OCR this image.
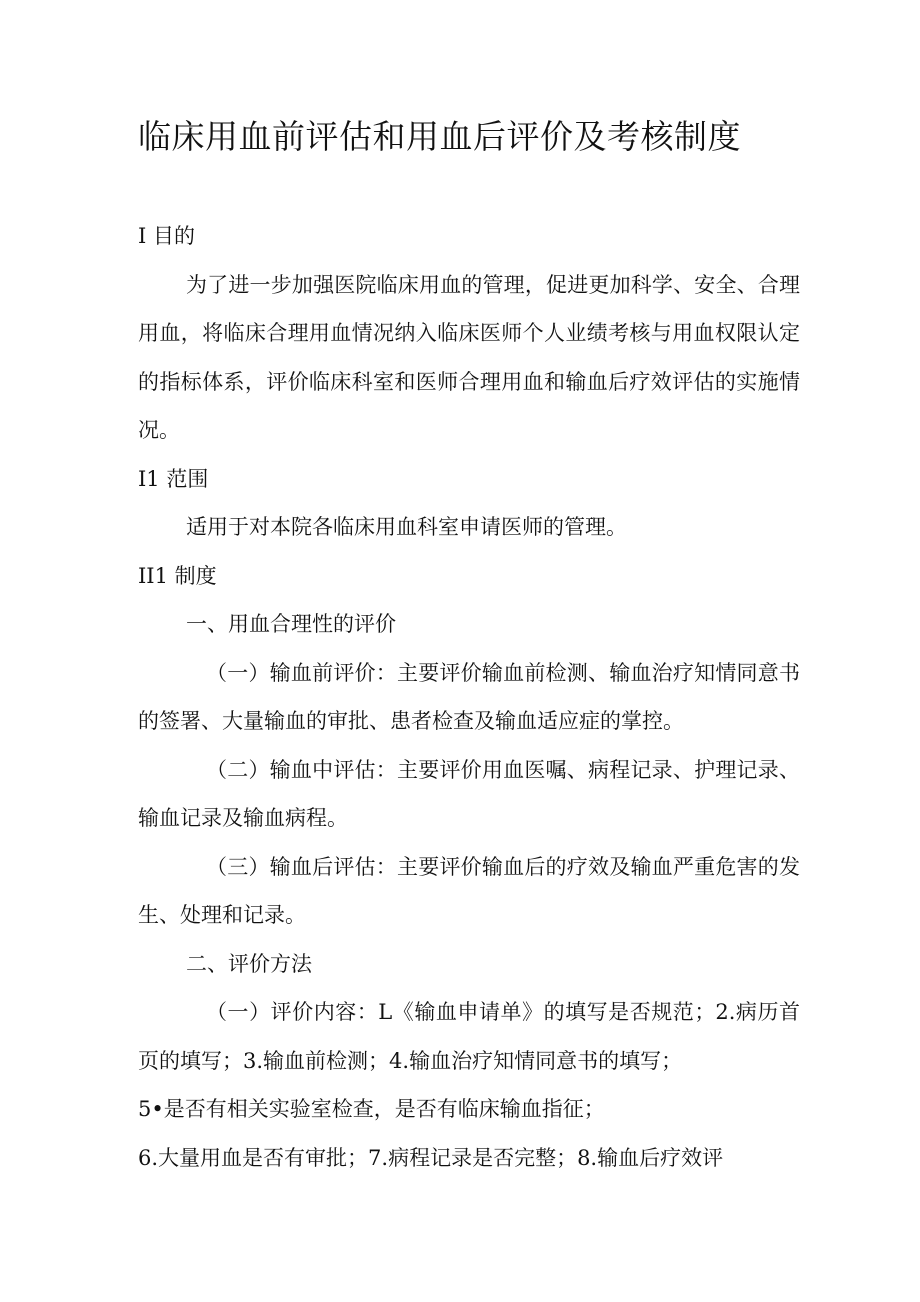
临床用血前评估和用血后评价及考核制度

I 目的

为了进一步加强医院临床用血的管理，促进更加科学、安全、合理用血，将临床合理用血情况纳入临床医师个人业绩考核与用血权限认定的指标体系，评价临床科室和医师合理用血和输血后疗效评估的实施情况。

I1 范围

适用于对本院各临床用血科室申请医师的管理。

II1 制度

一、用血合理性的评价

（一）输血前评价：主要评价输血前检测、输血治疗知情同意书的签署、大量输血的审批、患者检查及输血适应症的掌控。

（二）输血中评估：主要评价用血医嘱、病程记录、护理记录、输血记录及输血病程。

（三）输血后评估：主要评价输血后的疗效及输血严重危害的发生、处理和记录。

二、评价方法

（一）评价内容：L《输血申请单》的填写是否规范；2.病历首页的填写；3.输血前检测；4.输血治疗知情同意书的填写；

5•是否有相关实验室检查，是否有临床输血指征；

6.大量用血是否有审批；7.病程记录是否完整；8.输血后疗效评
